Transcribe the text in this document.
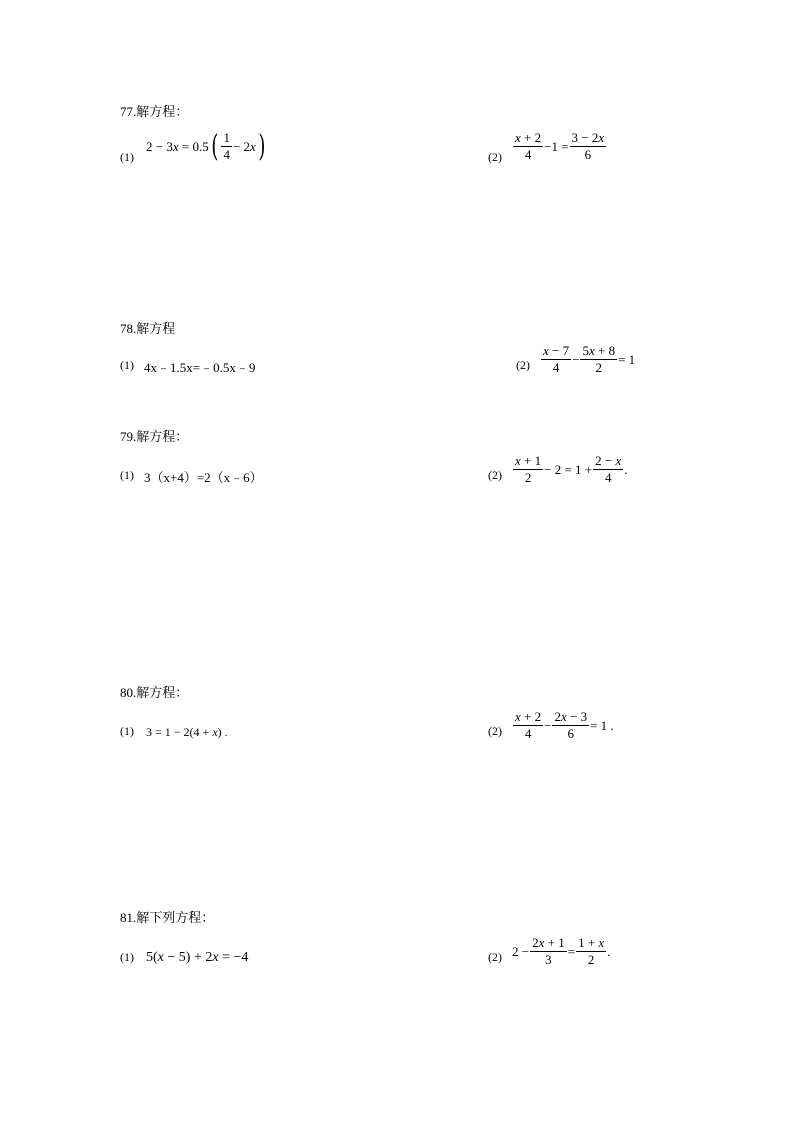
77.解方程：
(1)
2 − 3x = 0.5 ( $\frac{1}{4} - 2x$ )	$(2) \frac{x + 2}{4} -1 = \frac{3 - 2x}{6}$
78.解方程
(1) 4x﹣1.5x=﹣0.5x﹣9	$(2) \frac{x - 7}{4} - \frac{5x + 8}{2} = 1$
79.解方程：
(1) 3（x+4）=2（x﹣6）	$(2) \frac{x + 1}{2} - 2 = 1 + \frac{2 - x}{4}$ .
80.解方程：
(1) 3 = 1 − 2(4 + x) .	$(2) \frac{x + 2}{4} - \frac{2x - 3}{6} = 1$ .
81.解下列方程：
(1) 5(x − 5) + 2x = −4	(2) $2 - \frac{2x + 1}{3} = \frac{1 + x}{2}$ .
